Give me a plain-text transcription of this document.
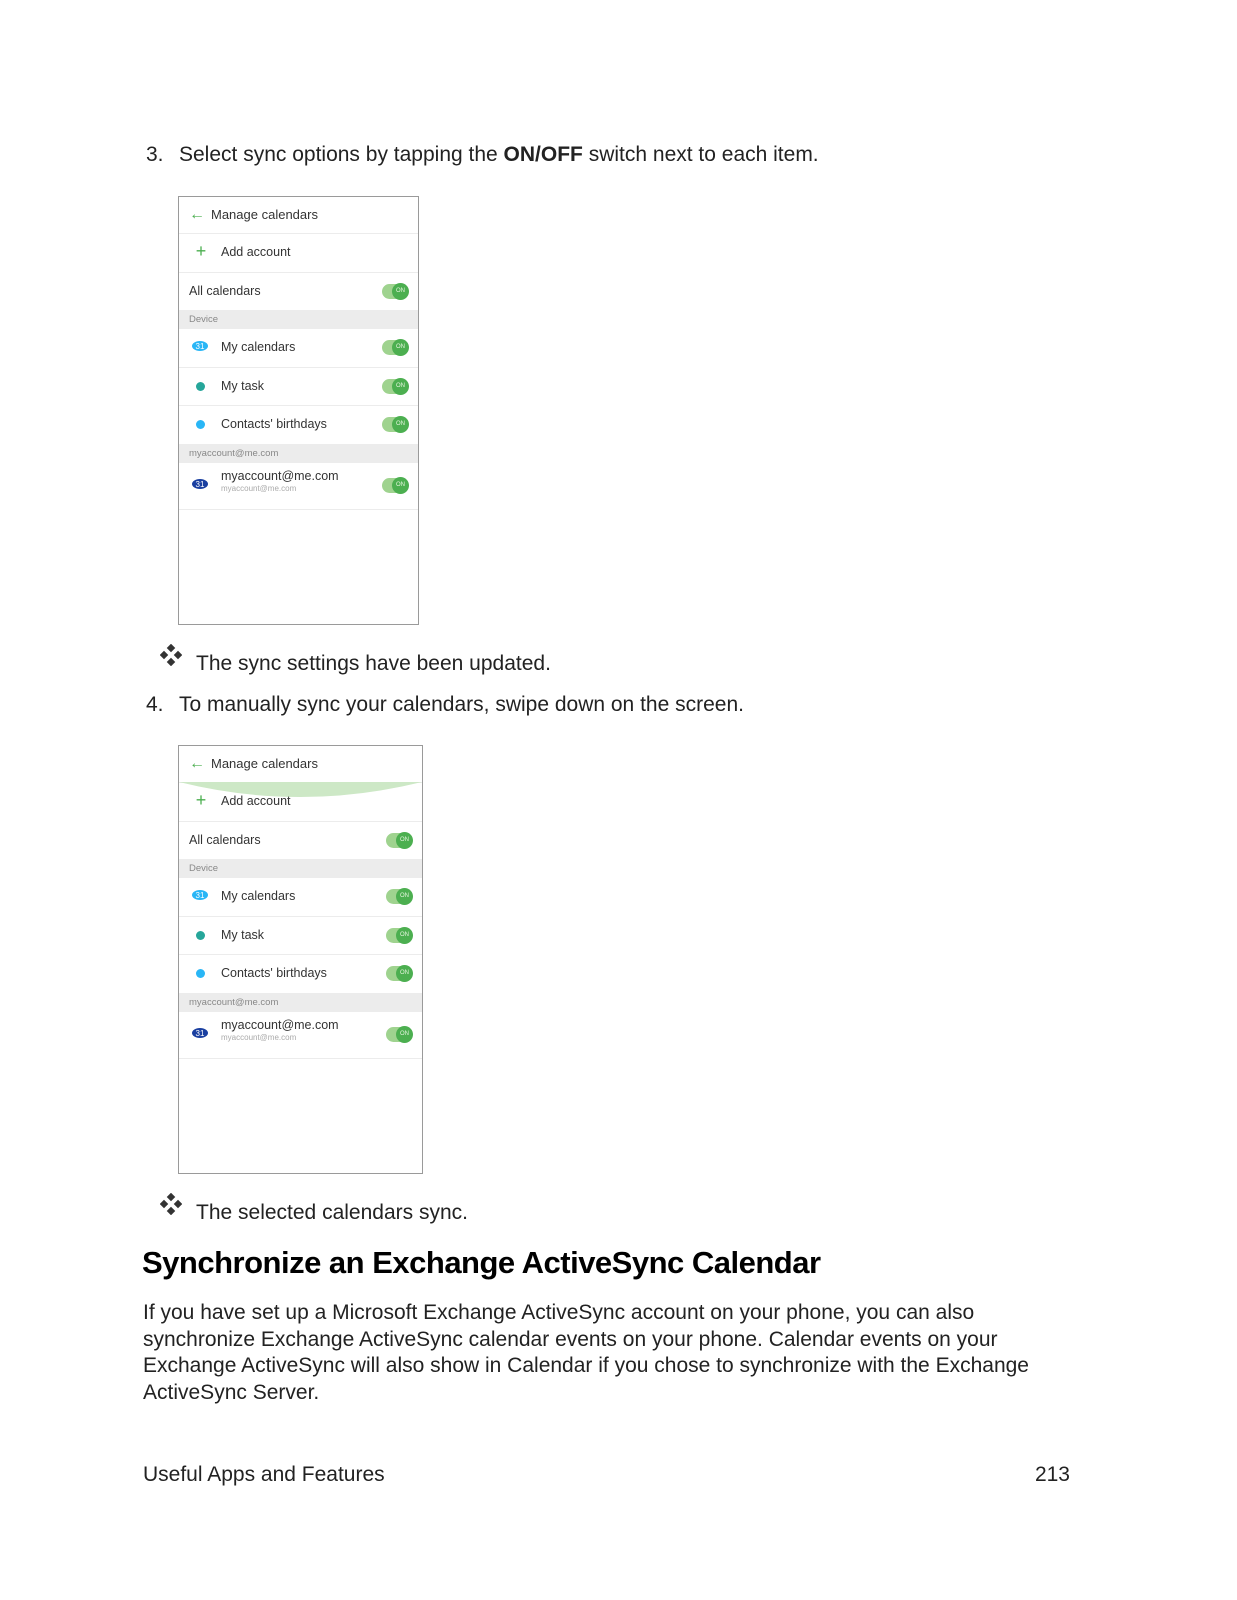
3. Select sync options by tapping the ON/OFF switch next to each item.
← Manage calendars
+	Add account
All calendars	ON
Device
31 My calendars	ON
My task	ON
Contacts' birthdays	ON
myaccount@me.com
31
myaccount@me.com
myaccount@me.com	ON
The sync settings have been updated.
4. To manually sync your calendars, swipe down on the screen.
← Manage calendars
+	Add account
All calendars	ON
Device
31 My calendars	ON
My task	ON
Contacts' birthdays	ON
myaccount@me.com
31
myaccount@me.com
myaccount@me.com	ON
The selected calendars sync.
Synchronize an Exchange ActiveSync Calendar

If you have set up a Microsoft Exchange ActiveSync account on your phone, you can also synchronize Exchange ActiveSync calendar events on your phone. Calendar events on your Exchange ActiveSync will also show in Calendar if you chose to synchronize with the Exchange ActiveSync Server.

Useful Apps and Features	213
